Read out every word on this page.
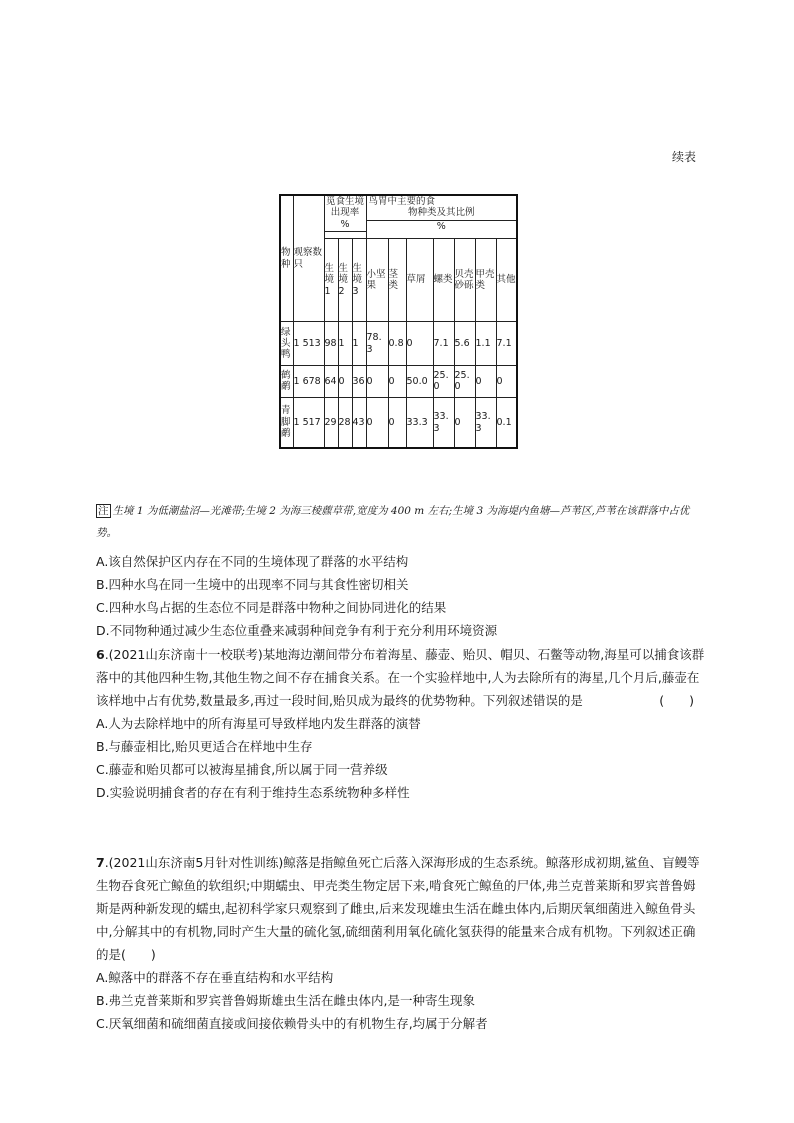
续表
物种	观察数只	觅食生境出现率
%			鸟胃中主要的食
物种类及其比例
%						

		生境1	生境2	生境3	小坚果	茎类	草屑	螺类	贝壳砂砾	甲壳类	其他
绿头鸭	1 513	98	1	1	78.3	0.8	0	7.1	5.6	1.1	7.1
鹤鹬	1 678	64	0	36	0	0	50.0	25.0	25.0	0	0
青脚鹬	1 517	29	28	43	0	0	33.3	33.3	0	33.3	0.1
注 生境 1 为低潮盐沼—光滩带;生境 2 为海三棱藨草带,宽度为 400 m 左右;生境 3 为海堤内鱼塘—芦苇区,芦苇在该群落中占优势。

A.该自然保护区内存在不同的生境体现了群落的水平结构

B.四种水鸟在同一生境中的出现率不同与其食性密切相关

C.四种水鸟占据的生态位不同是群落中物种之间协同进化的结果

D.不同物种通过减少生态位重叠来减弱种间竞争有利于充分利用环境资源

6.(2021山东济南十一校联考)某地海边潮间带分布着海星、藤壶、贻贝、帽贝、石鳖等动物,海星可以捕食该群落中的其他四种生物,其他生物之间不存在捕食关系。在一个实验样地中,人为去除所有的海星,几个月后,藤壶在该样地中占有优势,数量最多,再过一段时间,贻贝成为最终的优势物种。下列叙述错误的是	(　　)

A.人为去除样地中的所有海星可导致样地内发生群落的演替

B.与藤壶相比,贻贝更适合在样地中生存

C.藤壶和贻贝都可以被海星捕食,所以属于同一营养级

D.实验说明捕食者的存在有利于维持生态系统物种多样性

7.(2021山东济南5月针对性训练)鲸落是指鲸鱼死亡后落入深海形成的生态系统。鲸落形成初期,鲨鱼、盲鳗等生物吞食死亡鲸鱼的软组织;中期蠕虫、甲壳类生物定居下来,啃食死亡鲸鱼的尸体,弗兰克普莱斯和罗宾普鲁姆斯是两种新发现的蠕虫,起初科学家只观察到了雌虫,后来发现雄虫生活在雌虫体内,后期厌氧细菌进入鲸鱼骨头中,分解其中的有机物,同时产生大量的硫化氢,硫细菌利用氧化硫化氢获得的能量来合成有机物。下列叙述正确的是(　　)

A.鲸落中的群落不存在垂直结构和水平结构

B.弗兰克普莱斯和罗宾普鲁姆斯雄虫生活在雌虫体内,是一种寄生现象

C.厌氧细菌和硫细菌直接或间接依赖骨头中的有机物生存,均属于分解者
